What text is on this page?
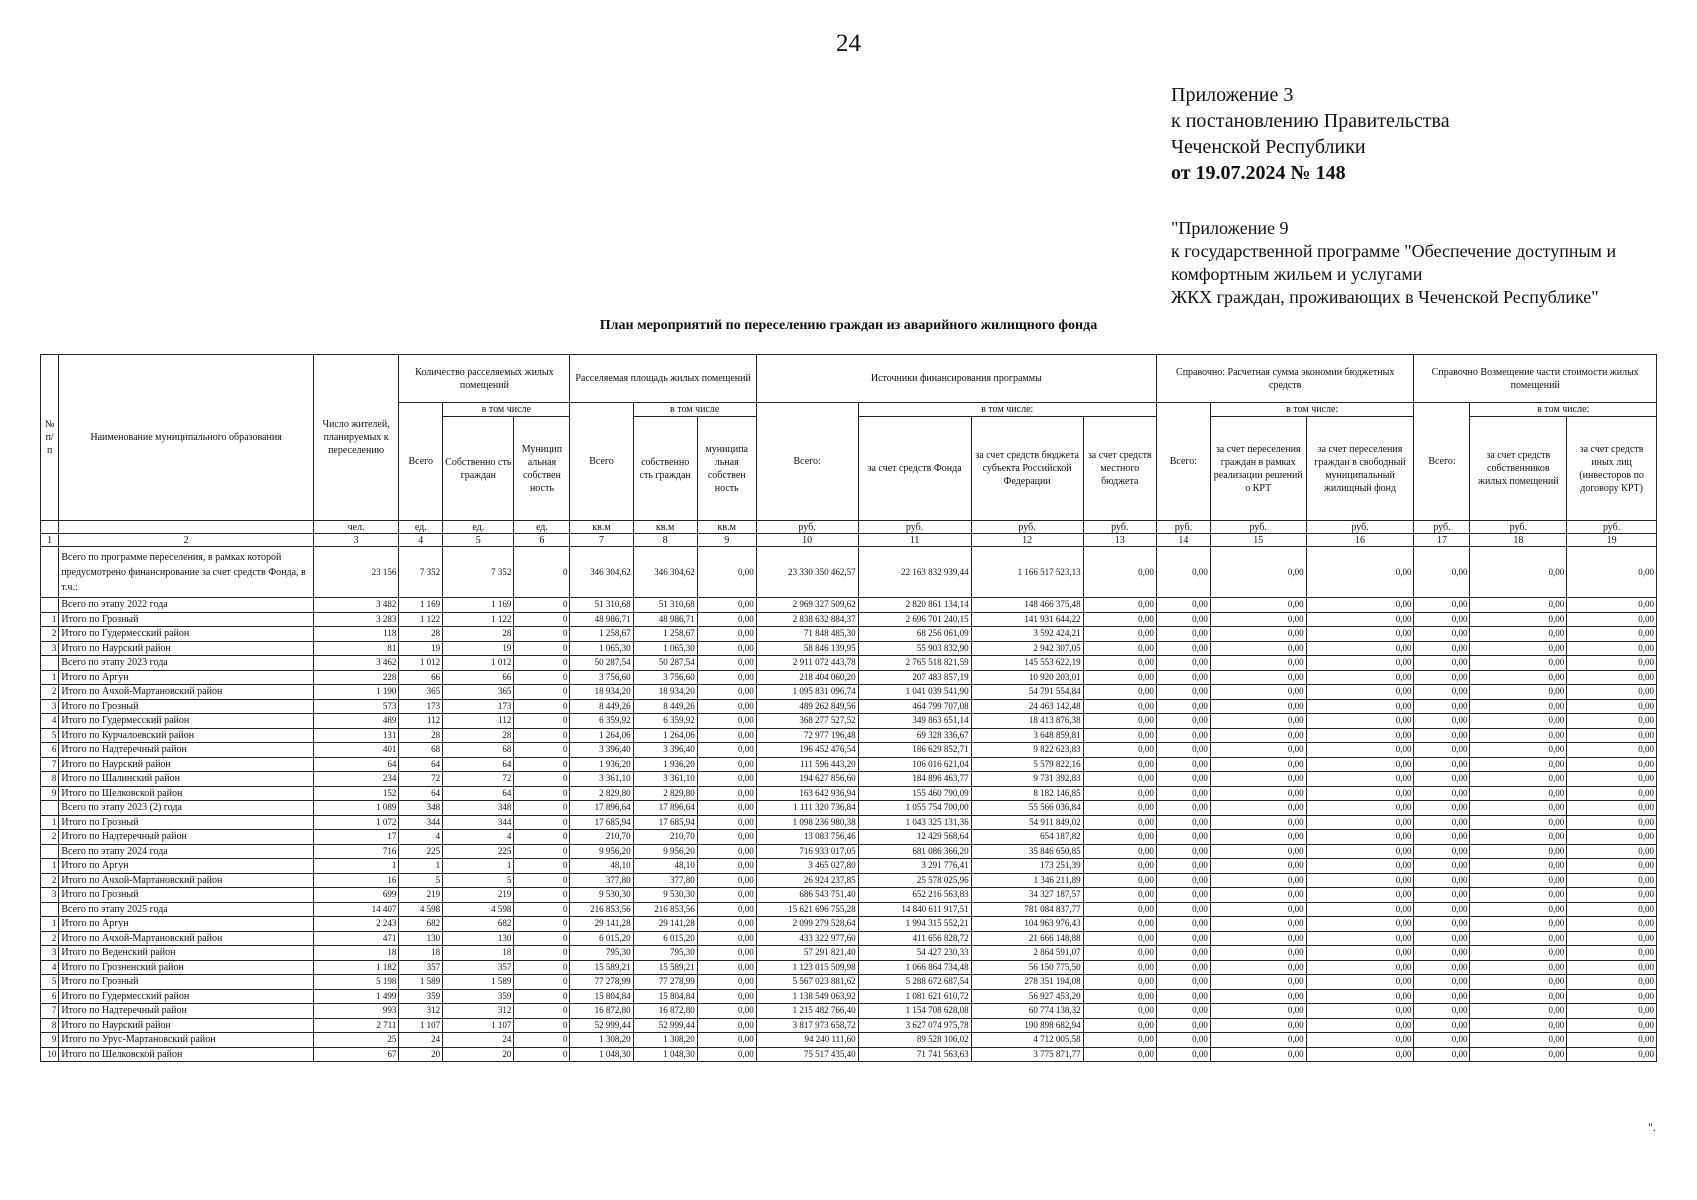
24
Приложение 3
к постановлению Правительства
Чеченской Республики
от 19.07.2024 № 148
"Приложение 9
к государственной программе "Обеспечение доступным и
комфортным жильем и услугами
ЖКХ граждан, проживающих в Чеченской Республике"
План мероприятий по переселению граждан из аварийного жилищного фонда
№ п/п	Наименование муниципального образования	Число жителей, планируемых к переселению	Количество расселяемых жилых помещений			Расселяемая площадь жилых помещений			Источники финансирования программы				Справочно: Расчетная сумма экономии бюджетных средств			Справочно Возмещение части стоимости жилых помещений		
			Всего	в том числе		Всего	в том числе		Всего:	в том числе:			Всего:	в том числе:		Всего:	в том числе:	
				Собственно сть граждан	Муницип альная собствен ность		собственно сть граждан	муниципа льная собствен ность		за счет средств Фонда	за счет средств бюджета субъекта Российской Федерации	за счет средств местного бюджета		за счет переселения граждан в рамках реализации решений о КРТ	за счет переселения граждан в свободный муниципальный жилищный фонд		за счет средств собственников жилых помещений	за счет средств иных лиц (инвесторов по договору КРТ)
		чел.	ед.	ед.	ед.	кв.м	кв.м	кв.м	руб.	руб.	руб.	руб.	руб.	руб.	руб.	руб.	руб.	руб.
1	2	3	4	5	6	7	8	9	10	11	12	13	14	15	16	17	18	19
	Всего по программе переселения, в рамках которой предусмотрено финансирование за счет средств Фонда, в т.ч.:	23 156	7 352	7 352	0	346 304,62	346 304,62	0,00	23 330 350 462,57	22 163 832 939,44	1 166 517 523,13	0,00	0,00	0,00	0,00	0,00	0,00	0,00
	Всего по этапу 2022 года	3 482	1 169	1 169	0	51 310,68	51 310,68	0,00	2 969 327 509,62	2 820 861 134,14	148 466 375,48	0,00	0,00	0,00	0,00	0,00	0,00	0,00
1	Итого по Грозный	3 283	1 122	1 122	0	48 986,71	48 986,71	0,00	2 838 632 884,37	2 696 701 240,15	141 931 644,22	0,00	0,00	0,00	0,00	0,00	0,00	0,00
2	Итого по Гудермесский район	118	28	28	0	1 258,67	1 258,67	0,00	71 848 485,30	68 256 061,09	3 592 424,21	0,00	0,00	0,00	0,00	0,00	0,00	0,00
3	Итого по Наурский район	81	19	19	0	1 065,30	1 065,30	0,00	58 846 139,95	55 903 832,90	2 942 307,05	0,00	0,00	0,00	0,00	0,00	0,00	0,00
	Всего по этапу 2023 года	3 462	1 012	1 012	0	50 287,54	50 287,54	0,00	2 911 072 443,78	2 765 518 821,59	145 553 622,19	0,00	0,00	0,00	0,00	0,00	0,00	0,00
1	Итого по Аргун	228	66	66	0	3 756,60	3 756,60	0,00	218 404 060,20	207 483 857,19	10 920 203,01	0,00	0,00	0,00	0,00	0,00	0,00	0,00
2	Итого по Ачхой-Мартановский район	1 190	365	365	0	18 934,20	18 934,20	0,00	1 095 831 096,74	1 041 039 541,90	54 791 554,84	0,00	0,00	0,00	0,00	0,00	0,00	0,00
3	Итого по Грозный	573	173	173	0	8 449,26	8 449,26	0,00	489 262 849,56	464 799 707,08	24 463 142,48	0,00	0,00	0,00	0,00	0,00	0,00	0,00
4	Итого по Гудермесский район	489	112	112	0	6 359,92	6 359,92	0,00	368 277 527,52	349 863 651,14	18 413 876,38	0,00	0,00	0,00	0,00	0,00	0,00	0,00
5	Итого по Курчалоевский район	131	28	28	0	1 264,06	1 264,06	0,00	72 977 196,48	69 328 336,67	3 648 859,81	0,00	0,00	0,00	0,00	0,00	0,00	0,00
6	Итого по Надтеречный район	401	68	68	0	3 396,40	3 396,40	0,00	196 452 476,54	186 629 852,71	9 822 623,83	0,00	0,00	0,00	0,00	0,00	0,00	0,00
7	Итого по Наурский район	64	64	64	0	1 936,20	1 936,20	0,00	111 596 443,20	106 016 621,04	5 579 822,16	0,00	0,00	0,00	0,00	0,00	0,00	0,00
8	Итого по Шалинский район	234	72	72	0	3 361,10	3 361,10	0,00	194 627 856,60	184 896 463,77	9 731 392,83	0,00	0,00	0,00	0,00	0,00	0,00	0,00
9	Итого по Шелковской район	152	64	64	0	2 829,80	2 829,80	0,00	163 642 936,94	155 460 790,09	8 182 146,85	0,00	0,00	0,00	0,00	0,00	0,00	0,00
	Всего по этапу 2023 (2) года	1 089	348	348	0	17 896,64	17 896,64	0,00	1 111 320 736,84	1 055 754 700,00	55 566 036,84	0,00	0,00	0,00	0,00	0,00	0,00	0,00
1	Итого по Грозный	1 072	344	344	0	17 685,94	17 685,94	0,00	1 098 236 980,38	1 043 325 131,36	54 911 849,02	0,00	0,00	0,00	0,00	0,00	0,00	0,00
2	Итого по Надтеречный район	17	4	4	0	210,70	210,70	0,00	13 083 756,46	12 429 568,64	654 187,82	0,00	0,00	0,00	0,00	0,00	0,00	0,00
	Всего по этапу 2024 года	716	225	225	0	9 956,20	9 956,20	0,00	716 933 017,05	681 086 366,20	35 846 650,85	0,00	0,00	0,00	0,00	0,00	0,00	0,00
1	Итого по Аргун	1	1	1	0	48,10	48,10	0,00	3 465 027,80	3 291 776,41	173 251,39	0,00	0,00	0,00	0,00	0,00	0,00	0,00
2	Итого по Ачхой-Мартановский район	16	5	5	0	377,80	377,80	0,00	26 924 237,85	25 578 025,96	1 346 211,89	0,00	0,00	0,00	0,00	0,00	0,00	0,00
3	Итого по Грозный	699	219	219	0	9 530,30	9 530,30	0,00	686 543 751,40	652 216 563,83	34 327 187,57	0,00	0,00	0,00	0,00	0,00	0,00	0,00
	Всего по этапу 2025 года	14 407	4 598	4 598	0	216 853,56	216 853,56	0,00	15 621 696 755,28	14 840 611 917,51	781 084 837,77	0,00	0,00	0,00	0,00	0,00	0,00	0,00
1	Итого по Аргун	2 243	682	682	0	29 141,28	29 141,28	0,00	2 099 279 528,64	1 994 315 552,21	104 963 976,43	0,00	0,00	0,00	0,00	0,00	0,00	0,00
2	Итого по Ачхой-Мартановский район	471	130	130	0	6 015,20	6 015,20	0,00	433 322 977,60	411 656 828,72	21 666 148,88	0,00	0,00	0,00	0,00	0,00	0,00	0,00
3	Итого по Веденский район	18	18	18	0	795,30	795,30	0,00	57 291 821,40	54 427 230,33	2 864 591,07	0,00	0,00	0,00	0,00	0,00	0,00	0,00
4	Итого по Грозненский район	1 182	357	357	0	15 589,21	15 589,21	0,00	1 123 015 509,98	1 066 864 734,48	56 150 775,50	0,00	0,00	0,00	0,00	0,00	0,00	0,00
5	Итого по Грозный	5 198	1 589	1 589	0	77 278,99	77 278,99	0,00	5 567 023 881,62	5 288 672 687,54	278 351 194,08	0,00	0,00	0,00	0,00	0,00	0,00	0,00
6	Итого по Гудермесский район	1 499	359	359	0	15 804,84	15 804,84	0,00	1 138 549 063,92	1 081 621 610,72	56 927 453,20	0,00	0,00	0,00	0,00	0,00	0,00	0,00
7	Итого по Надтеречный район	993	312	312	0	16 872,80	16 872,80	0,00	1 215 482 766,40	1 154 708 628,08	60 774 138,32	0,00	0,00	0,00	0,00	0,00	0,00	0,00
8	Итого по Наурский район	2 711	1 107	1 107	0	52 999,44	52 999,44	0,00	3 817 973 658,72	3 627 074 975,78	190 898 682,94	0,00	0,00	0,00	0,00	0,00	0,00	0,00
9	Итого по Урус-Мартановский район	25	24	24	0	1 308,20	1 308,20	0,00	94 240 111,60	89 528 106,02	4 712 005,58	0,00	0,00	0,00	0,00	0,00	0,00	0,00
10	Итого по Шелковской район	67	20	20	0	1 048,30	1 048,30	0,00	75 517 435,40	71 741 563,63	3 775 871,77	0,00	0,00	0,00	0,00	0,00	0,00	0,00
".
